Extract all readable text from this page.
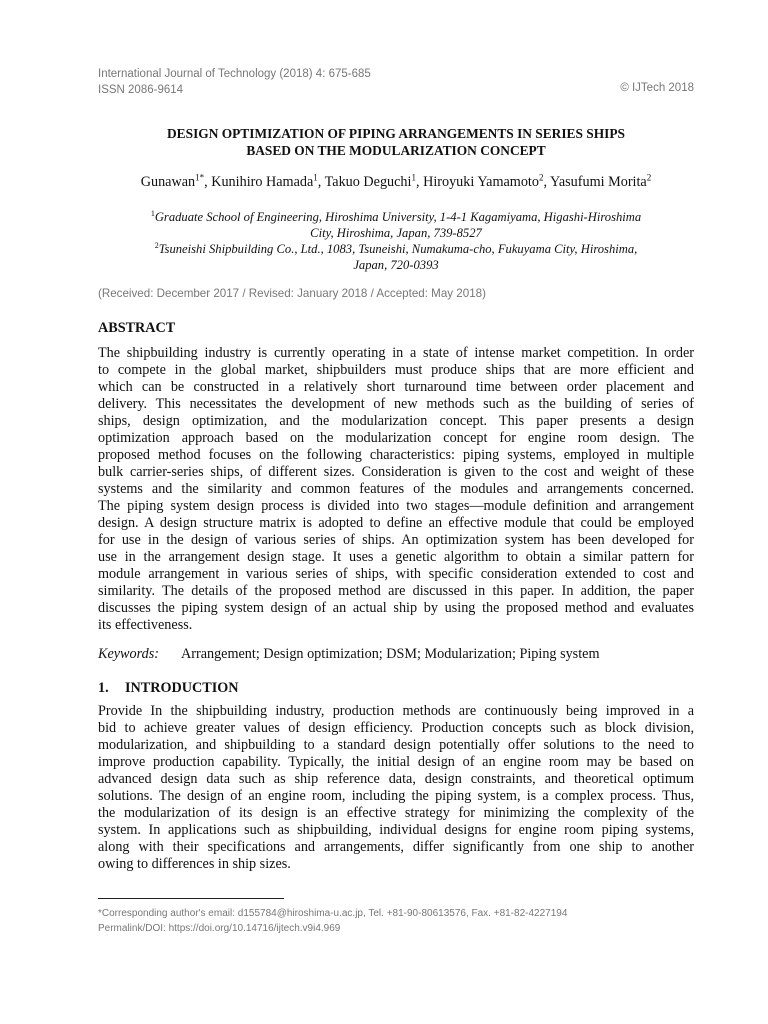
International Journal of Technology (2018) 4: 675-685
ISSN 2086-9614	© IJTech 2018
DESIGN OPTIMIZATION OF PIPING ARRANGEMENTS IN SERIES SHIPS
BASED ON THE MODULARIZATION CONCEPT
Gunawan$^{1*}$, Kunihiro Hamada$^1$, Takuo Deguchi$^1$, Hiroyuki Yamamoto$^2$, Yasufumi Morita$^2$
$^1$Graduate School of Engineering, Hiroshima University, 1-4-1 Kagamiyama, Higashi-Hiroshima
City, Hiroshima, Japan, 739-8527
$^2$Tsuneishi Shipbuilding Co., Ltd., 1083, Tsuneishi, Numakuma-cho, Fukuyama City, Hiroshima,
Japan, 720-0393
(Received: December 2017 / Revised: January 2018 / Accepted: May 2018)
ABSTRACT
The shipbuilding industry is currently operating in a state of intense market competition. In order
to compete in the global market, shipbuilders must produce ships that are more efficient and
which can be constructed in a relatively short turnaround time between order placement and
delivery. This necessitates the development of new methods such as the building of series of
ships, design optimization, and the modularization concept. This paper presents a design
optimization approach based on the modularization concept for engine room design. The
proposed method focuses on the following characteristics: piping systems, employed in multiple
bulk carrier-series ships, of different sizes. Consideration is given to the cost and weight of these
systems and the similarity and common features of the modules and arrangements concerned.
The piping system design process is divided into two stages—module definition and arrangement
design. A design structure matrix is adopted to define an effective module that could be employed
for use in the design of various series of ships. An optimization system has been developed for
use in the arrangement design stage. It uses a genetic algorithm to obtain a similar pattern for
module arrangement in various series of ships, with specific consideration extended to cost and
similarity. The details of the proposed method are discussed in this paper. In addition, the paper
discusses the piping system design of an actual ship by using the proposed method and evaluates
its effectiveness.
Keywords: Arrangement; Design optimization; DSM; Modularization; Piping system
1. INTRODUCTION
Provide In the shipbuilding industry, production methods are continuously being improved in a
bid to achieve greater values of design efficiency. Production concepts such as block division,
modularization, and shipbuilding to a standard design potentially offer solutions to the need to
improve production capability. Typically, the initial design of an engine room may be based on
advanced design data such as ship reference data, design constraints, and theoretical optimum
solutions. The design of an engine room, including the piping system, is a complex process. Thus,
the modularization of its design is an effective strategy for minimizing the complexity of the
system. In applications such as shipbuilding, individual designs for engine room piping systems,
along with their specifications and arrangements, differ significantly from one ship to another
owing to differences in ship sizes.
*Corresponding author's email: d155784@hiroshima-u.ac.jp, Tel. +81-90-80613576, Fax. +81-82-4227194
Permalink/DOI: https://doi.org/10.14716/ijtech.v9i4.969
